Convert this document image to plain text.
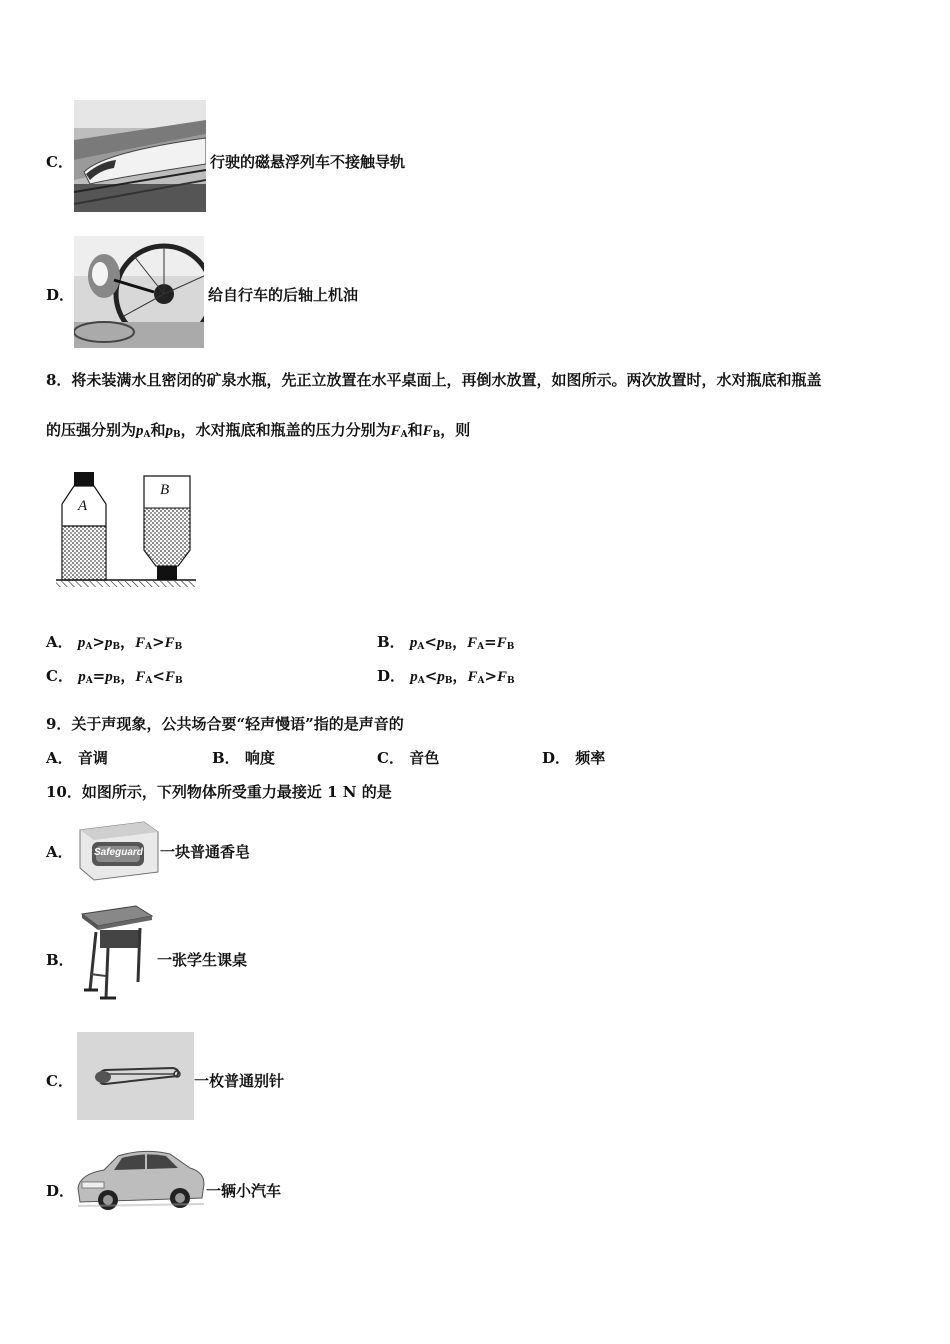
C．	行驶的磁悬浮列车不接触导轨
D．	给自行车的后轴上机油
8．将未装满水且密闭的矿泉水瓶，先正立放置在水平桌面上，再倒水放置，如图所示。两次放置时，水对瓶底和瓶盖
的压强分别为$p_A$和$p_B$，水对瓶底和瓶盖的压力分别为$F_A$和$F_B$，则
A
B
A． $p_A>p_B$，$F_A>F_B$	B． $p_A<p_B$，$F_A=F_B$
C． $p_A=p_B$，$F_A<F_B$	D． $p_A<p_B$，$F_A>F_B$
9．关于声现象，公共场合要“轻声慢语”指的是声音的
A． 音调	B． 响度	C． 音色	D． 频率
10．如图所示，下列物体所受重力最接近 1 N 的是
A． Safeguard 一块普通香皂
B．	一张学生课桌
C．	一枚普通别针
D．	一辆小汽车
